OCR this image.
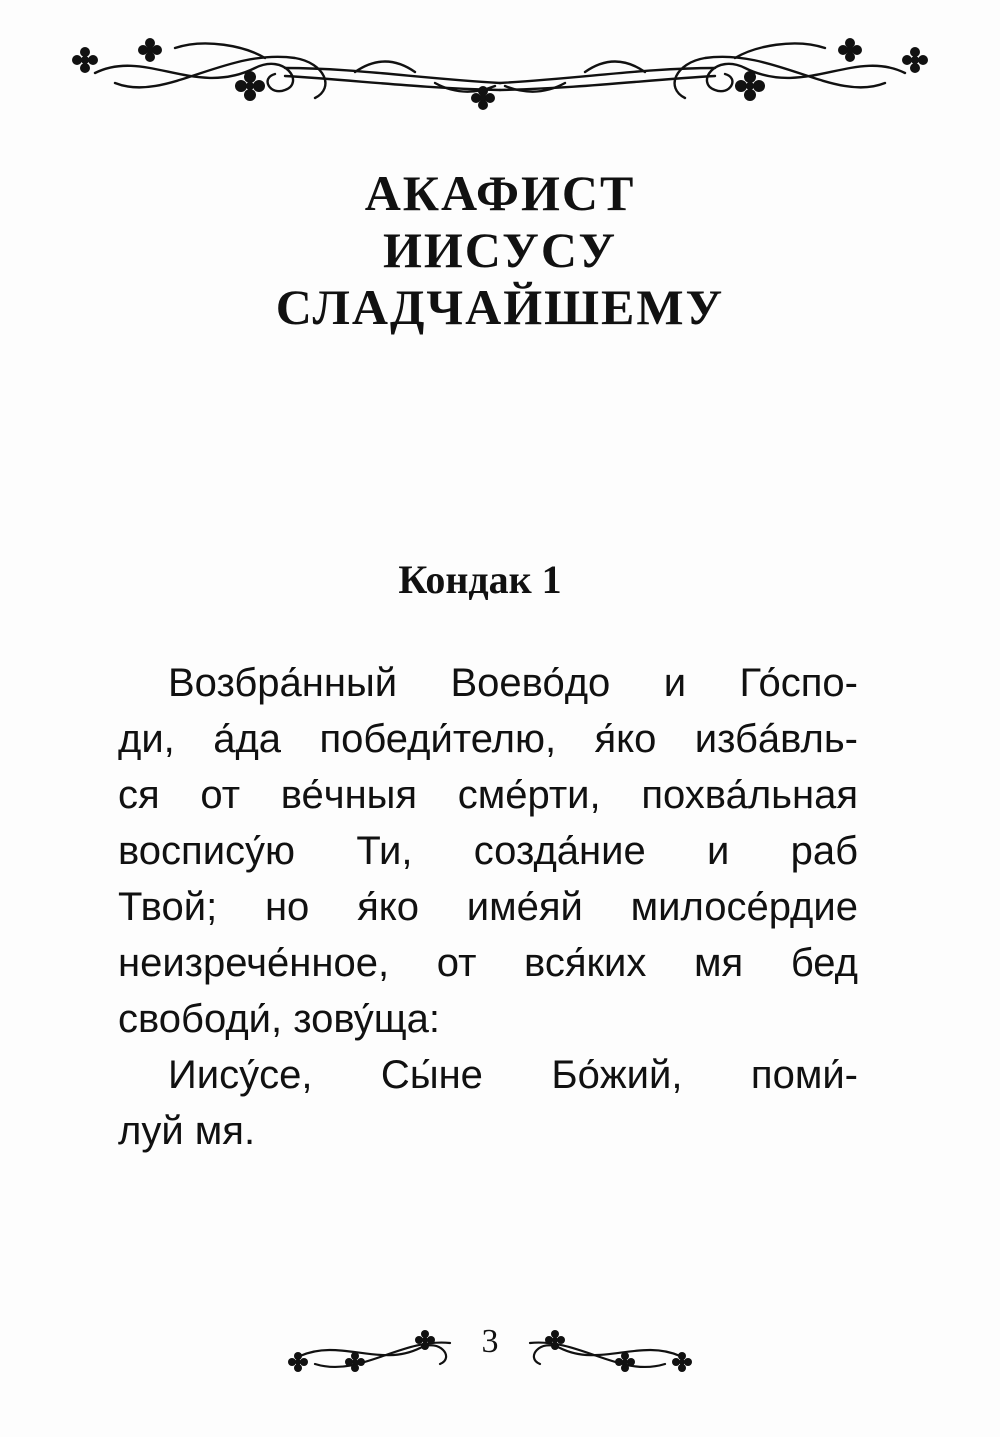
АКАФИСТ
ИИСУСУ
СЛАДЧАЙШЕМУ
Кондак 1
Возбра́нный Воево́до и Го́спо-
ди, а́да победи́телю, я́ко избáвль-
ся от ве́чныя сме́рти, похва́льная
воспису́ю Ти, созда́ние и раб
Твой; но я́ко име́яй милосе́рдие
неизрече́нное, от вся́ких мя бед
свободи́, зову́ща:
Иису́се, Сы́не Бо́жий, поми́-
луй мя.
3
